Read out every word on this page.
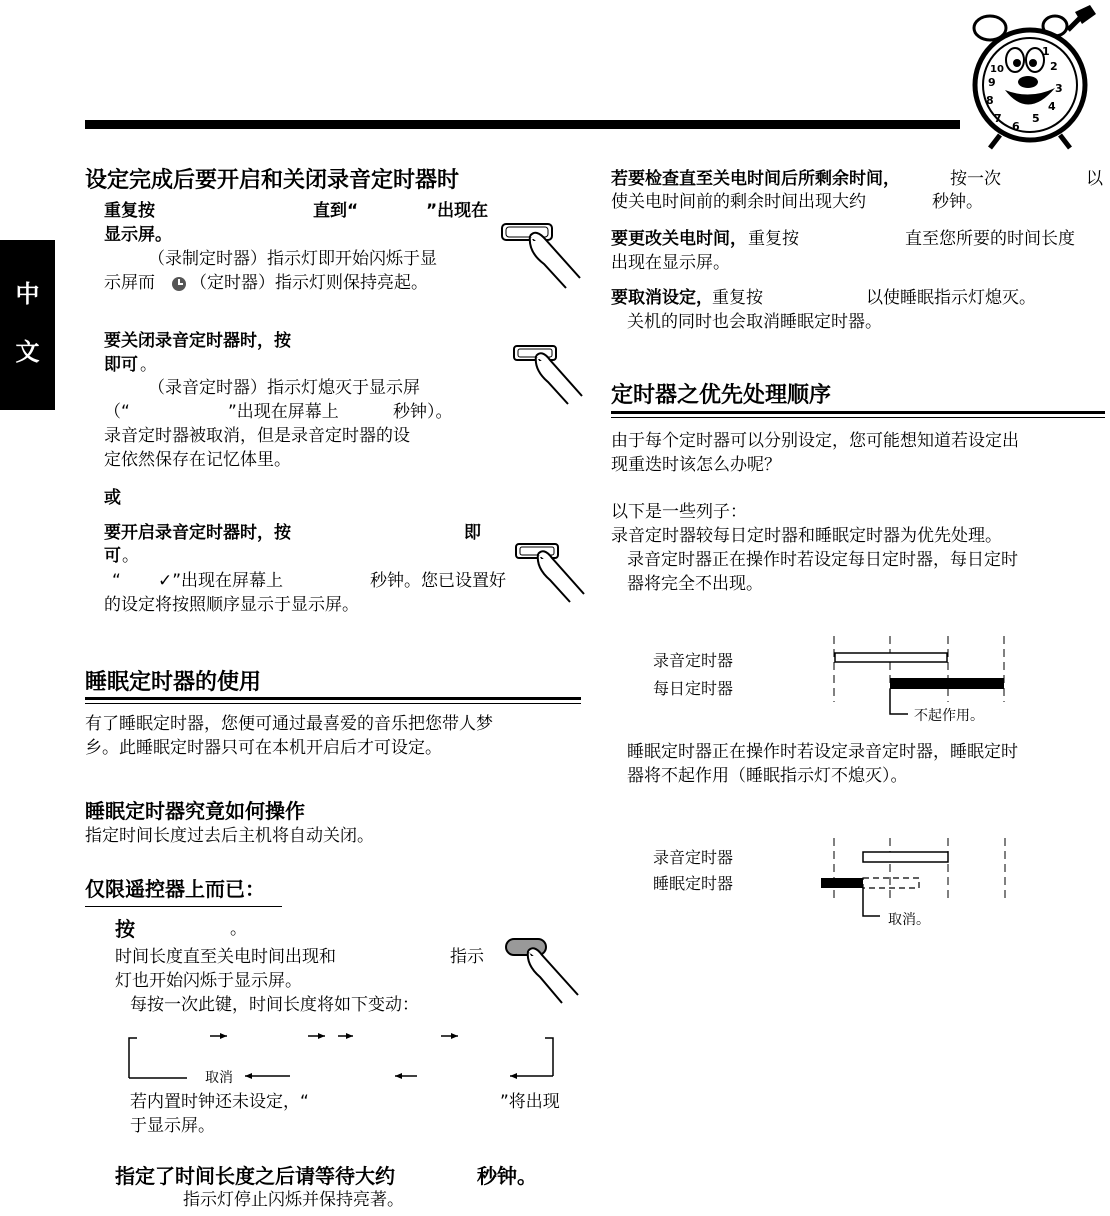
1
2
3
4
5
6
7
8
9
10
中
文
设定完成后要开启和关闭录音定时器时
重复按	直到“	”出现在
显示屏。
（录制定时器）指示灯即开始闪烁于显
示屏而 （定时器）指示灯则保持亮起。
要关闭录音定时器时，按
即可 。
（录音定时器）指示灯熄灭于显示屏
（“	”出现在屏幕上	秒钟）。
录音定时器被取消，但是录音定时器的设
定依然保存在记忆体里。
或
要开启录音定时器时，按	即
可 。
“ ✓”出现在屏幕上	秒钟。您已设置好
的设定将按照顺序显示于显示屏。
睡眠定时器的使用
有了睡眠定时器，您便可通过最喜爱的音乐把您带人梦
乡。此睡眠定时器只可在本机开启后才可设定。
睡眠定时器究竟如何操作
指定时间长度过去后主机将自动关闭。
仅限遥控器上而已：
按	。
时间长度直至关电时间出现和	指示
灯也开始闪烁于显示屏。
每按一次此键，时间长度将如下变动：
取消
若内置时钟还未设定，“	”将出现
于显示屏。
指定了时间长度之后请等待大约	秒钟。
指示灯停止闪烁并保持亮著。
若要检查直至关电时间后所剩余时间，	按一次	以
使关电时间前的剩余时间出现大约	秒钟。
要更改关电时间， 重复按	直至您所要的时间长度
出现在显示屏。
要取消设定， 重复按	以使睡眠指示灯熄灭。
关机的同时也会取消睡眠定时器。
定时器之优先处理顺序
由于每个定时器可以分别设定，您可能想知道若设定出
现重迭时该怎么办呢？
以下是一些列子：
录音定时器较每日定时器和睡眠定时器为优先处理。
录音定时器正在操作时若设定每日定时器，每日定时
器将完全不出现。
录音定时器
每日定时器
不起作用。
睡眠定时器正在操作时若设定录音定时器，睡眠定时
器将不起作用（睡眠指示灯不熄灭）。
录音定时器
睡眠定时器
取消。
